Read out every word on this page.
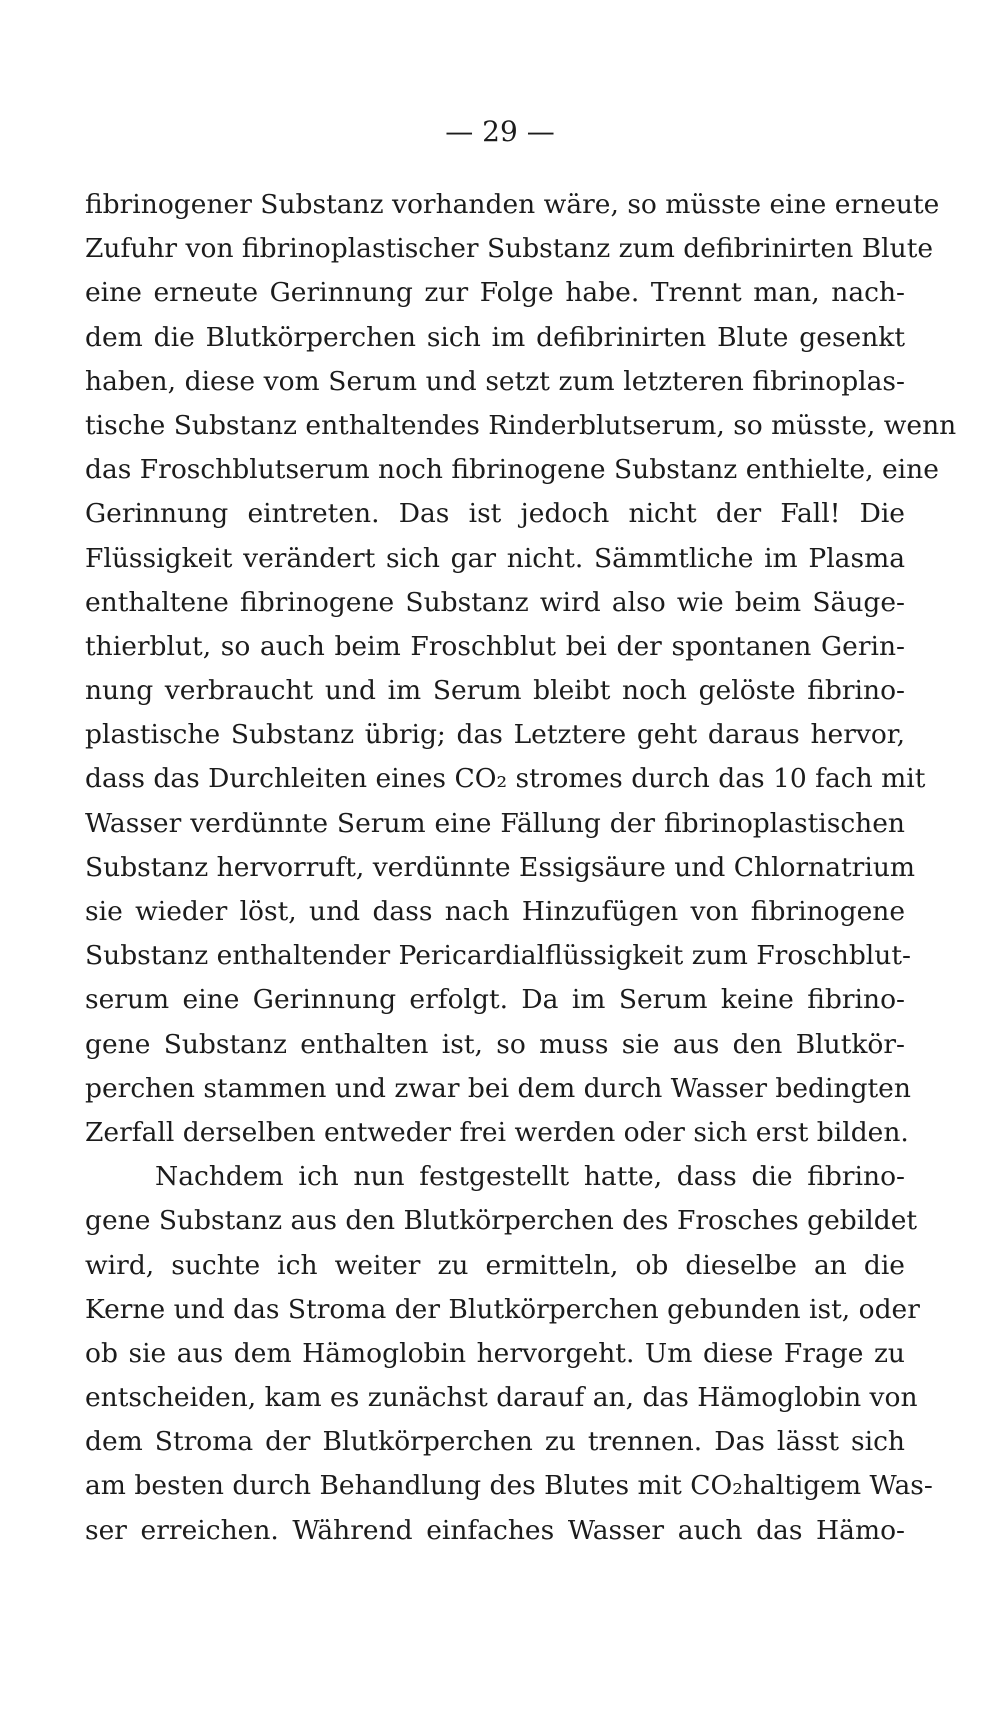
— 29 —
fibrinogener Substanz vorhanden wäre, so müsste eine erneute
Zufuhr von fibrinoplastischer Substanz zum defibrinirten Blute
eine erneute Gerinnung zur Folge habe. Trennt man, nach-
dem die Blutkörperchen sich im defibrinirten Blute gesenkt
haben, diese vom Serum und setzt zum letzteren fibrinoplas-
tische Substanz enthaltendes Rinderblutserum, so müsste, wenn
das Froschblutserum noch fibrinogene Substanz enthielte, eine
Gerinnung eintreten. Das ist jedoch nicht der Fall! Die
Flüssigkeit verändert sich gar nicht. Sämmtliche im Plasma
enthaltene fibrinogene Substanz wird also wie beim Säuge-
thierblut, so auch beim Froschblut bei der spontanen Gerin-
nung verbraucht und im Serum bleibt noch gelöste fibrino-
plastische Substanz übrig; das Letztere geht daraus hervor,
dass das Durchleiten eines CO₂ stromes durch das 10 fach mit
Wasser verdünnte Serum eine Fällung der fibrinoplastischen
Substanz hervorruft, verdünnte Essigsäure und Chlornatrium
sie wieder löst, und dass nach Hinzufügen von fibrinogene
Substanz enthaltender Pericardialflüssigkeit zum Froschblut-
serum eine Gerinnung erfolgt. Da im Serum keine fibrino-
gene Substanz enthalten ist, so muss sie aus den Blutkör-
perchen stammen und zwar bei dem durch Wasser bedingten
Zerfall derselben entweder frei werden oder sich erst bilden.
Nachdem ich nun festgestellt hatte, dass die fibrino-
gene Substanz aus den Blutkörperchen des Frosches gebildet
wird, suchte ich weiter zu ermitteln, ob dieselbe an die
Kerne und das Stroma der Blutkörperchen gebunden ist, oder
ob sie aus dem Hämoglobin hervorgeht. Um diese Frage zu
entscheiden, kam es zunächst darauf an, das Hämoglobin von
dem Stroma der Blutkörperchen zu trennen. Das lässt sich
am besten durch Behandlung des Blutes mit CO₂haltigem Was-
ser erreichen. Während einfaches Wasser auch das Hämo-
